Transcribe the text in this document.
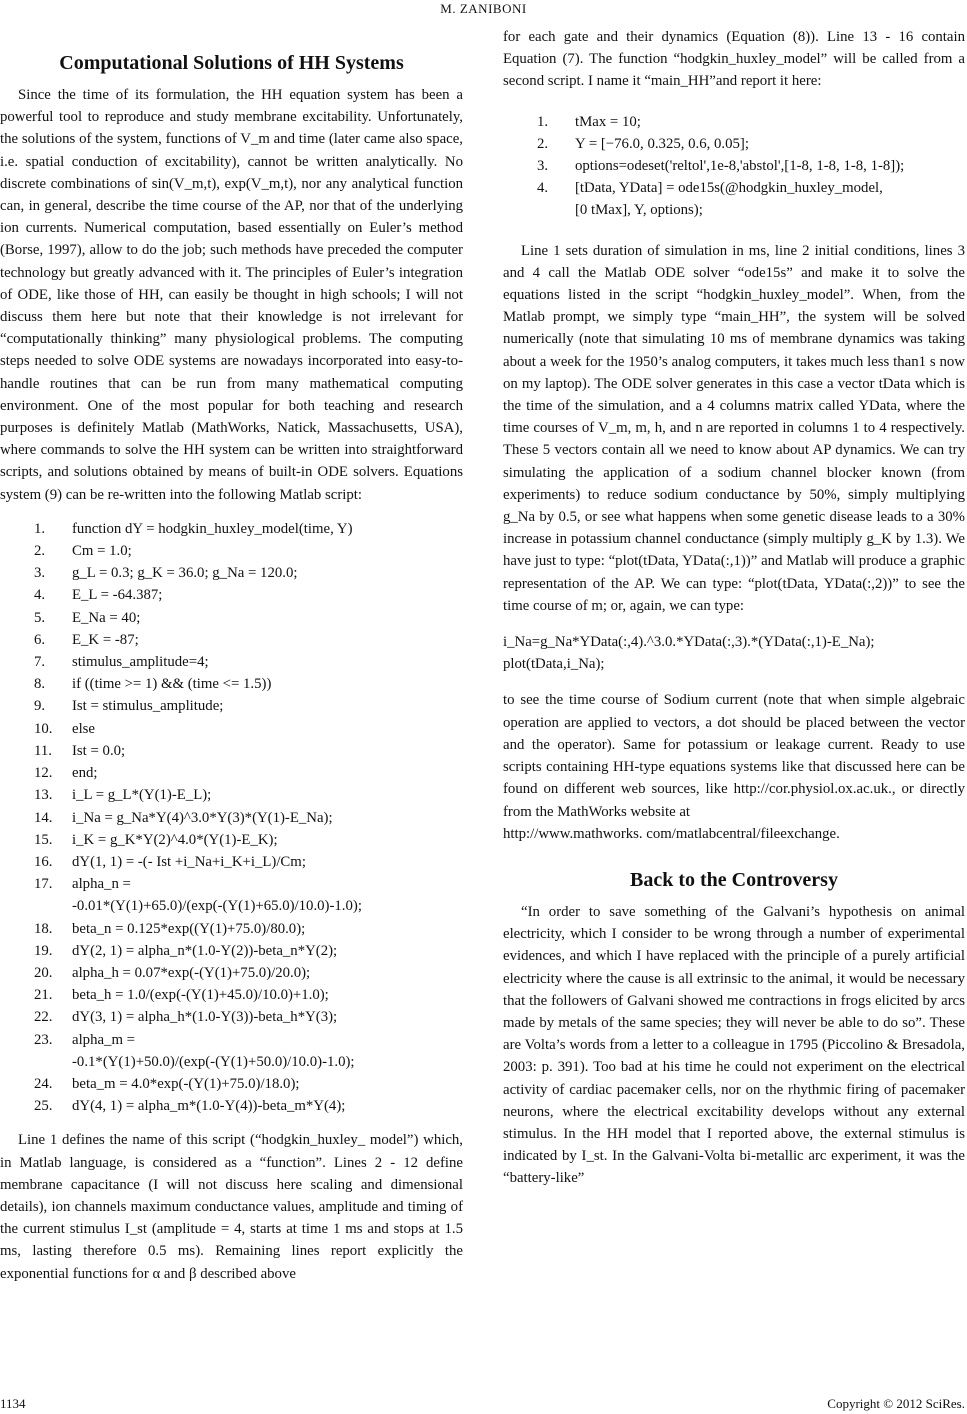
M. ZANIBONI
Computational Solutions of HH Systems

Since the time of its formulation, the HH equation system has been a powerful tool to reproduce and study membrane excitability. Unfortunately, the solutions of the system, functions of V_m and time (later came also space, i.e. spatial conduction of excitability), cannot be written analytically. No discrete combinations of sin(V_m,t), exp(V_m,t), nor any analytical function can, in general, describe the time course of the AP, nor that of the underlying ion currents. Numerical computation, based essentially on Euler’s method (Borse, 1997), allow to do the job; such methods have preceded the computer technology but greatly advanced with it. The principles of Euler’s integration of ODE, like those of HH, can easily be thought in high schools; I will not discuss them here but note that their knowledge is not irrelevant for “computationally thinking” many physiological problems. The computing steps needed to solve ODE systems are nowadays incorporated into easy-to-handle routines that can be run from many mathematical computing environment. One of the most popular for both teaching and research purposes is definitely Matlab (MathWorks, Natick, Massachusetts, USA), where commands to solve the HH system can be written into straightforward scripts, and solutions obtained by means of built-in ODE solvers. Equations system (9) can be re-written into the following Matlab script:

1.	function dY = hodgkin_huxley_model(time, Y)
2.	Cm = 1.0;
3.	g_L = 0.3; g_K = 36.0; g_Na = 120.0;
4.	E_L = -64.387;
5.	E_Na = 40;
6.	E_K = -87;
7.	stimulus_amplitude=4;
8.	if ((time >= 1) && (time <= 1.5))
9.	Ist = stimulus_amplitude;
10.	else
11.	Ist = 0.0;
12.	end;
13.	i_L = g_L*(Y(1)-E_L);
14.	i_Na = g_Na*Y(4)^3.0*Y(3)*(Y(1)-E_Na);
15.	i_K = g_K*Y(2)^4.0*(Y(1)-E_K);
16.	dY(1, 1) = -(- Ist +i_Na+i_K+i_L)/Cm;
17.	alpha_n =
-0.01*(Y(1)+65.0)/(exp(-(Y(1)+65.0)/10.0)-1.0);
18.	beta_n = 0.125*exp((Y(1)+75.0)/80.0);
19.	dY(2, 1) = alpha_n*(1.0-Y(2))-beta_n*Y(2);
20.	alpha_h = 0.07*exp(-(Y(1)+75.0)/20.0);
21.	beta_h = 1.0/(exp(-(Y(1)+45.0)/10.0)+1.0);
22.	dY(3, 1) = alpha_h*(1.0-Y(3))-beta_h*Y(3);
23.	alpha_m =
-0.1*(Y(1)+50.0)/(exp(-(Y(1)+50.0)/10.0)-1.0);
24.	beta_m = 4.0*exp(-(Y(1)+75.0)/18.0);
25.	dY(4, 1) = alpha_m*(1.0-Y(4))-beta_m*Y(4);

Line 1 defines the name of this script (“hodgkin_huxley_ model”) which, in Matlab language, is considered as a “function”. Lines 2 - 12 define membrane capacitance (I will not discuss here scaling and dimensional details), ion channels maximum conductance values, amplitude and timing of the current stimulus I_st (amplitude = 4, starts at time 1 ms and stops at 1.5 ms, lasting therefore 0.5 ms). Remaining lines report explicitly the exponential functions for α and β described above

for each gate and their dynamics (Equation (8)). Line 13 - 16 contain Equation (7). The function “hodgkin_huxley_model” will be called from a second script. I name it “main_HH”and report it here:

1.	tMax = 10;
2.	Y = [−76.0, 0.325, 0.6, 0.05];
3.	options=odeset('reltol',1e-8,'abstol',[1-8, 1-8, 1-8, 1-8]);
4.	[tData, YData] = ode15s(@hodgkin_huxley_model,
[0 tMax], Y, options);

Line 1 sets duration of simulation in ms, line 2 initial conditions, lines 3 and 4 call the Matlab ODE solver “ode15s” and make it to solve the equations listed in the script “hodgkin_huxley_model”. When, from the Matlab prompt, we simply type “main_HH”, the system will be solved numerically (note that simulating 10 ms of membrane dynamics was taking about a week for the 1950’s analog computers, it takes much less than1 s now on my laptop). The ODE solver generates in this case a vector tData which is the time of the simulation, and a 4 columns matrix called YData, where the time courses of V_m, m, h, and n are reported in columns 1 to 4 respectively. These 5 vectors contain all we need to know about AP dynamics. We can try simulating the application of a sodium channel blocker known (from experiments) to reduce sodium conductance by 50%, simply multiplying g_Na by 0.5, or see what happens when some genetic disease leads to a 30% increase in potassium channel conductance (simply multiply g_K by 1.3). We have just to type: “plot(tData, YData(:,1))” and Matlab will produce a graphic representation of the AP. We can type: “plot(tData, YData(:,2))” to see the time course of m; or, again, we can type:

i_Na=g_Na*YData(:,4).^3.0.*YData(:,3).*(YData(:,1)-E_Na);
plot(tData,i_Na);

to see the time course of Sodium current (note that when simple algebraic operation are applied to vectors, a dot should be placed between the vector and the operator). Same for potassium or leakage current. Ready to use scripts containing HH-type equations systems like that discussed here can be found on different web sources, like http://cor.physiol.ox.ac.uk., or directly from the MathWorks website at

http://www.mathworks. com/matlabcentral/fileexchange.
Back to the Controversy

“In order to save something of the Galvani’s hypothesis on animal electricity, which I consider to be wrong through a number of experimental evidences, and which I have replaced with the principle of a purely artificial electricity where the cause is all extrinsic to the animal, it would be necessary that the followers of Galvani showed me contractions in frogs elicited by arcs made by metals of the same species; they will never be able to do so”. These are Volta’s words from a letter to a colleague in 1795 (Piccolino & Bresadola, 2003: p. 391). Too bad at his time he could not experiment on the electrical activity of cardiac pacemaker cells, nor on the rhythmic firing of pacemaker neurons, where the electrical excitability develops without any external stimulus. In the HH model that I reported above, the external stimulus is indicated by I_st. In the Galvani-Volta bi-metallic arc experiment, it was the “battery-like”

1134	Copyright © 2012 SciRes.
